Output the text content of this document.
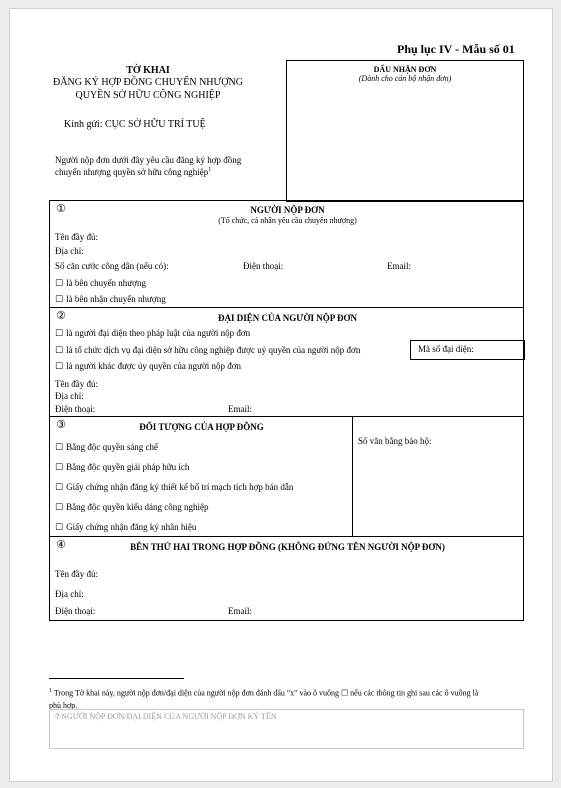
Phụ lục IV - Mẫu số 01
TỜ KHAI
ĐĂNG KÝ HỢP ĐỒNG CHUYỂN NHƯỢNG
QUYỀN SỞ HỮU CÔNG NGHIỆP
Kính gửi: CỤC SỞ HỮU TRÍ TUỆ
Người nộp đơn dưới đây yêu cầu đăng ký hợp đồng
chuyển nhượng quyền sở hữu công nghiệp$^1$
DẤU NHẬN ĐƠN
(Dành cho cán bộ nhận đơn)
①	NGƯỜI NỘP ĐƠN
(Tổ chức, cá nhân yêu cầu chuyên nhượng)
Tên đầy đủ:
Địa chỉ:
Số căn cước công dân (nếu có):	Điện thoại:	Email:
☐ là bên chuyển nhượng
☐ là bên nhận chuyển nhượng
②	ĐẠI DIỆN CỦA NGƯỜI NỘP ĐƠN
☐ là người đại diện theo pháp luật của người nộp đơn
☐ là tổ chức dịch vụ đại diện sở hữu công nghiệp được uỷ quyền của người nộp đơn
☐ là người khác được ủy quyền của người nộp đơn
Mã số đại diện:
Tên đầy đủ:
Địa chỉ:
Điện thoại:	Email:
③	ĐỐI TƯỢNG CỦA HỢP ĐỒNG
☐ Bằng độc quyền sáng chế
☐ Bằng độc quyền giải pháp hữu ích
☐ Giấy chứng nhận đăng ký thiết kế bố trí mạch tích hợp bán dẫn
☐ Bằng độc quyền kiểu dáng công nghiệp
☐ Giấy chứng nhận đăng ký nhãn hiệu
Số văn bằng bảo hộ:
④	BÊN THỨ HAI TRONG HỢP ĐỒNG (KHÔNG ĐỨNG TÊN NGƯỜI NỘP ĐƠN)
Tên đầy đủ:
Địa chỉ:
Điện thoại:	Email:
$^1$ Trong Tờ khai này, người nộp đơn/đại diện của người nộp đơn đánh dấu "x" vào ô vuông ☐ nếu các thông tin ghi sau các ô vuông là
phù hợp.
⑦NGƯỜI NỘP ĐƠN/ĐẠI DIỆN CỦA NGƯỜI NỘP ĐƠN KÝ TÊN
